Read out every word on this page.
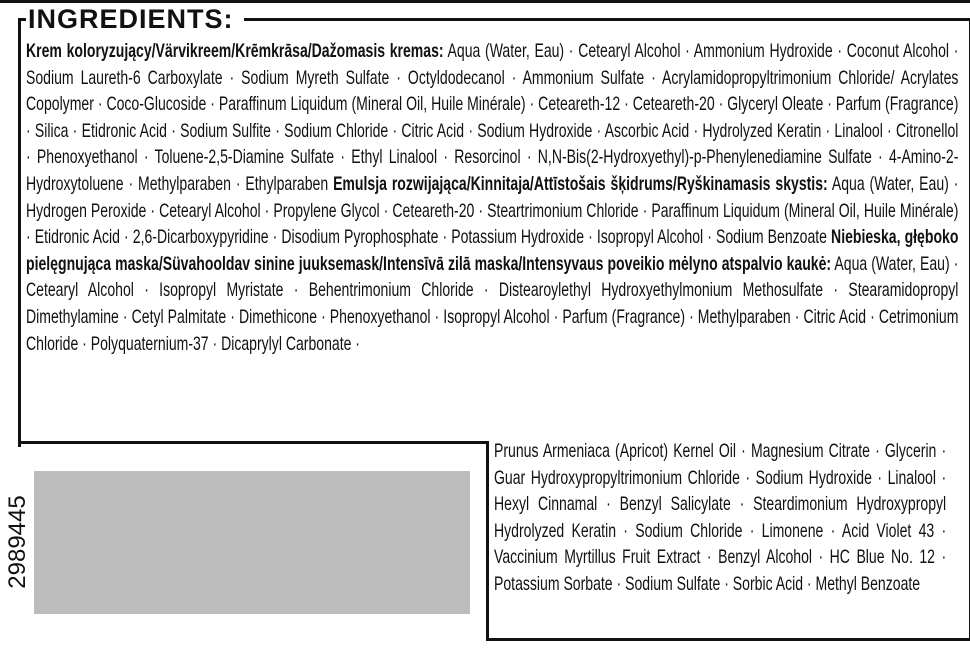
INGREDIENTS:
Krem koloryzujący/Värvikreem/Krēmkrāsa/Dažomasis kremas: Aqua (Water, Eau) · Cetearyl Alcohol · Ammonium Hydroxide · Coconut Alcohol · Sodium Laureth-6 Carboxylate · Sodium Myreth Sulfate · Octyldodecanol · Ammonium Sulfate · Acrylamidopropyltrimonium Chloride/ Acrylates Copolymer · Coco-Glucoside · Paraffinum Liquidum (Mineral Oil, Huile Minérale) · Ceteareth-12 · Ceteareth-20 · Glyceryl Oleate · Parfum (Fragrance) · Silica · Etidronic Acid · Sodium Sulfite · Sodium Chloride · Citric Acid · Sodium Hydroxide · Ascorbic Acid · Hydrolyzed Keratin · Linalool · Citronellol · Phenoxyethanol · Toluene-2,5-Diamine Sulfate · Ethyl Linalool · Resorcinol · N,N-Bis(2-Hydroxyethyl)-p-Phenylenediamine Sulfate · 4-Amino-2-Hydroxytoluene · Methylparaben · Ethylparaben Emulsja rozwijająca/Kinnitaja/Attīstošais šķidrums/Ryškinamasis skystis: Aqua (Water, Eau) · Hydrogen Peroxide · Cetearyl Alcohol · Propylene Glycol · Ceteareth-20 · Steartrimonium Chloride · Paraffinum Liquidum (Mineral Oil, Huile Minérale) · Etidronic Acid · 2,6-Dicarboxypyridine · Disodium Pyrophosphate · Potassium Hydroxide · Isopropyl Alcohol · Sodium Benzoate Niebieska, głęboko pielęgnująca maska/Süvahooldav sinine juuksemask/Intensīvā zilā maska/Intensyvaus poveikio mėlyno atspalvio kaukė: Aqua (Water, Eau) · Cetearyl Alcohol · Isopropyl Myristate · Behentrimonium Chloride · Distearoylethyl Hydroxyethylmonium Methosulfate · Stearamidopropyl Dimethylamine · Cetyl Palmitate · Dimethicone · Phenoxyethanol · Isopropyl Alcohol · Parfum (Fragrance) · Methylparaben · Citric Acid · Cetrimonium Chloride · Polyquaternium-37 · Dicaprylyl Carbonate ·
Prunus Armeniaca (Apricot) Kernel Oil · Magnesium Citrate · Glycerin · Guar Hydroxypropyltrimonium Chloride · Sodium Hydroxide · Linalool · Hexyl Cinnamal · Benzyl Salicylate · Steardimonium Hydroxypropyl Hydrolyzed Keratin · Sodium Chloride · Limonene · Acid Violet 43 · Vaccinium Myrtillus Fruit Extract · Benzyl Alcohol · HC Blue No. 12 · Potassium Sorbate · Sodium Sulfate · Sorbic Acid · Methyl Benzoate
2989445
